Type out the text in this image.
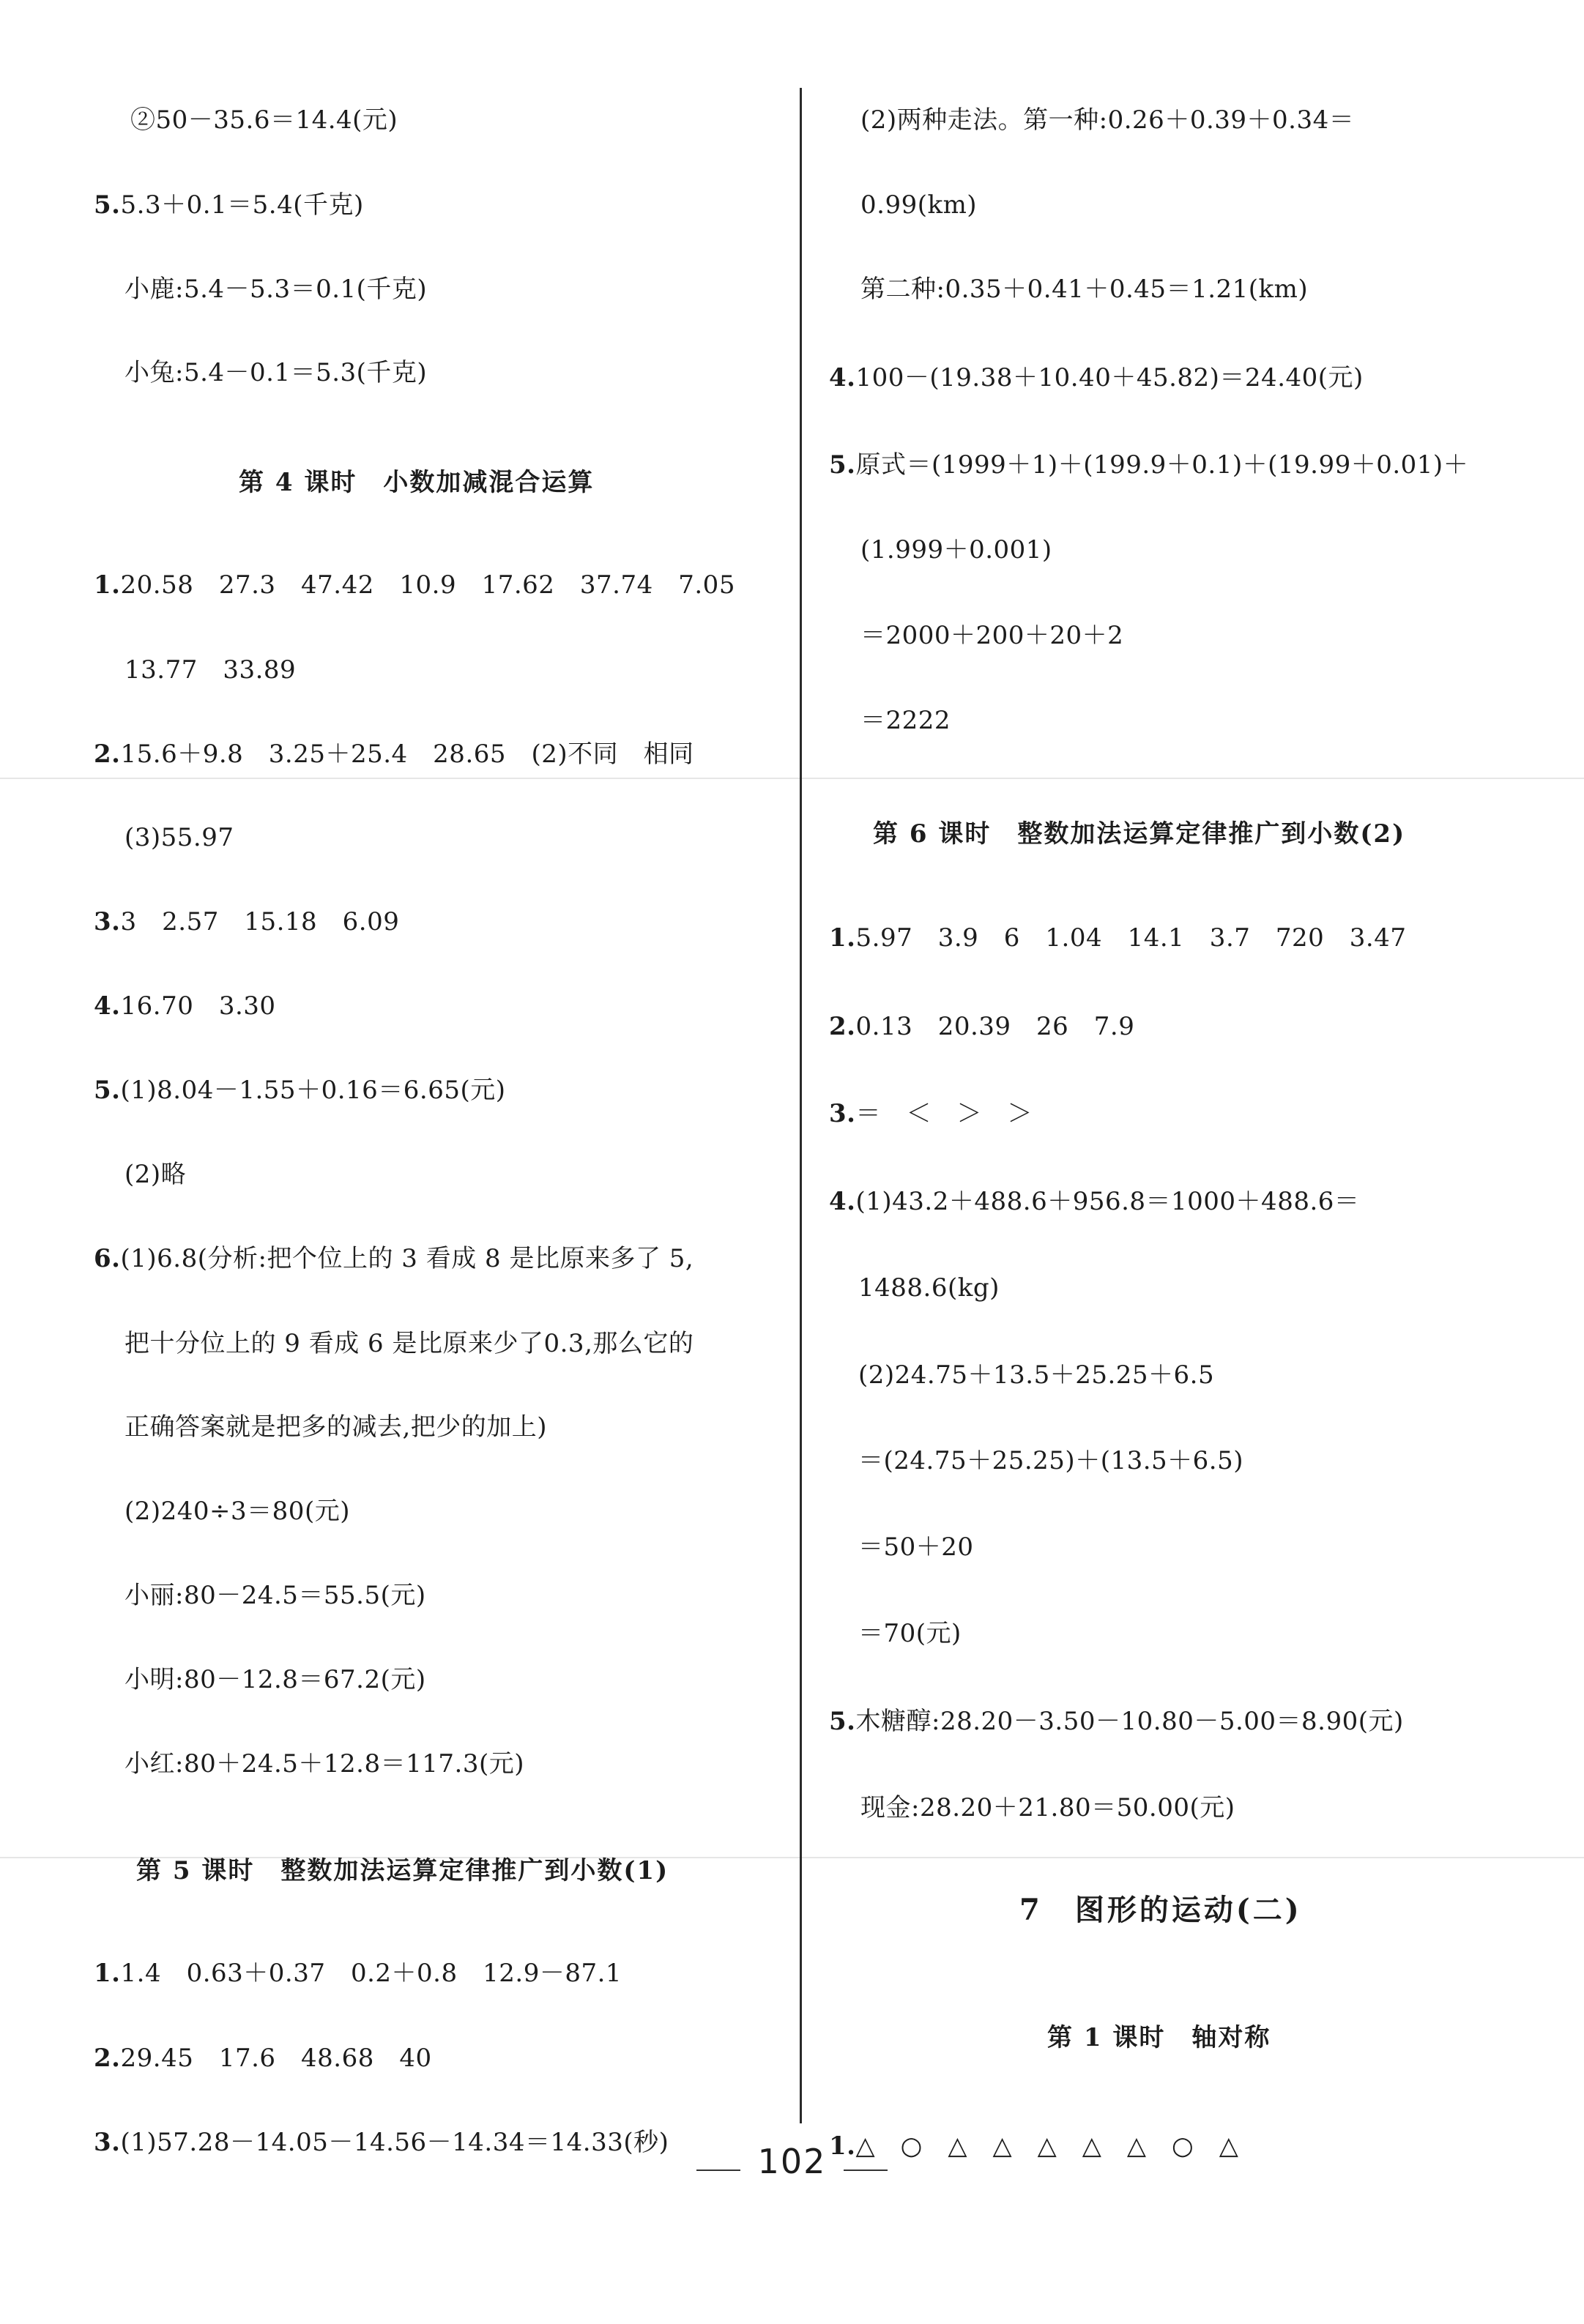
②50－35.6＝14.4(元)
5.5.3＋0.1＝5.4(千克)
小鹿:5.4－5.3＝0.1(千克)
小兔:5.4－0.1＝5.3(千克)
第 4 课时　小数加减混合运算
1.20.58　27.3　47.42　10.9　17.62　37.74　7.05
13.77　33.89
2.15.6＋9.8　3.25＋25.4　28.65　(2)不同　相同
(3)55.97
3.3　2.57　15.18　6.09
4.16.70　3.30
5.(1)8.04－1.55＋0.16＝6.65(元)
(2)略
6.(1)6.8(分析:把个位上的 3 看成 8 是比原来多了 5,
把十分位上的 9 看成 6 是比原来少了0.3,那么它的
正确答案就是把多的减去,把少的加上)
(2)240÷3＝80(元)
小丽:80－24.5＝55.5(元)
小明:80－12.8＝67.2(元)
小红:80＋24.5＋12.8＝117.3(元)
第 5 课时　整数加法运算定律推广到小数(1)
1.1.4　0.63＋0.37　0.2＋0.8　12.9－87.1
2.29.45　17.6　48.68　40
3.(1)57.28－14.05－14.56－14.34＝14.33(秒)
(2)两种走法。第一种:0.26＋0.39＋0.34＝
0.99(km)
第二种:0.35＋0.41＋0.45＝1.21(km)
4.100－(19.38＋10.40＋45.82)＝24.40(元)
5.原式＝(1999＋1)＋(199.9＋0.1)＋(19.99＋0.01)＋
(1.999＋0.001)
＝2000＋200＋20＋2
＝2222
第 6 课时　整数加法运算定律推广到小数(2)
1.5.97　3.9　6　1.04　14.1　3.7　720　3.47
2.0.13　20.39　26　7.9
3.＝　＜　＞　＞
4.(1)43.2＋488.6＋956.8＝1000＋488.6＝
1488.6(kg)
(2)24.75＋13.5＋25.25＋6.5
＝(24.75＋25.25)＋(13.5＋6.5)
＝50＋20
＝70(元)
5.木糖醇:28.20－3.50－10.80－5.00＝8.90(元)
现金:28.20＋21.80＝50.00(元)
7　图形的运动(二)
第 1 课时　轴对称
1.△　○　△　△　△　△　△　○　△
102
